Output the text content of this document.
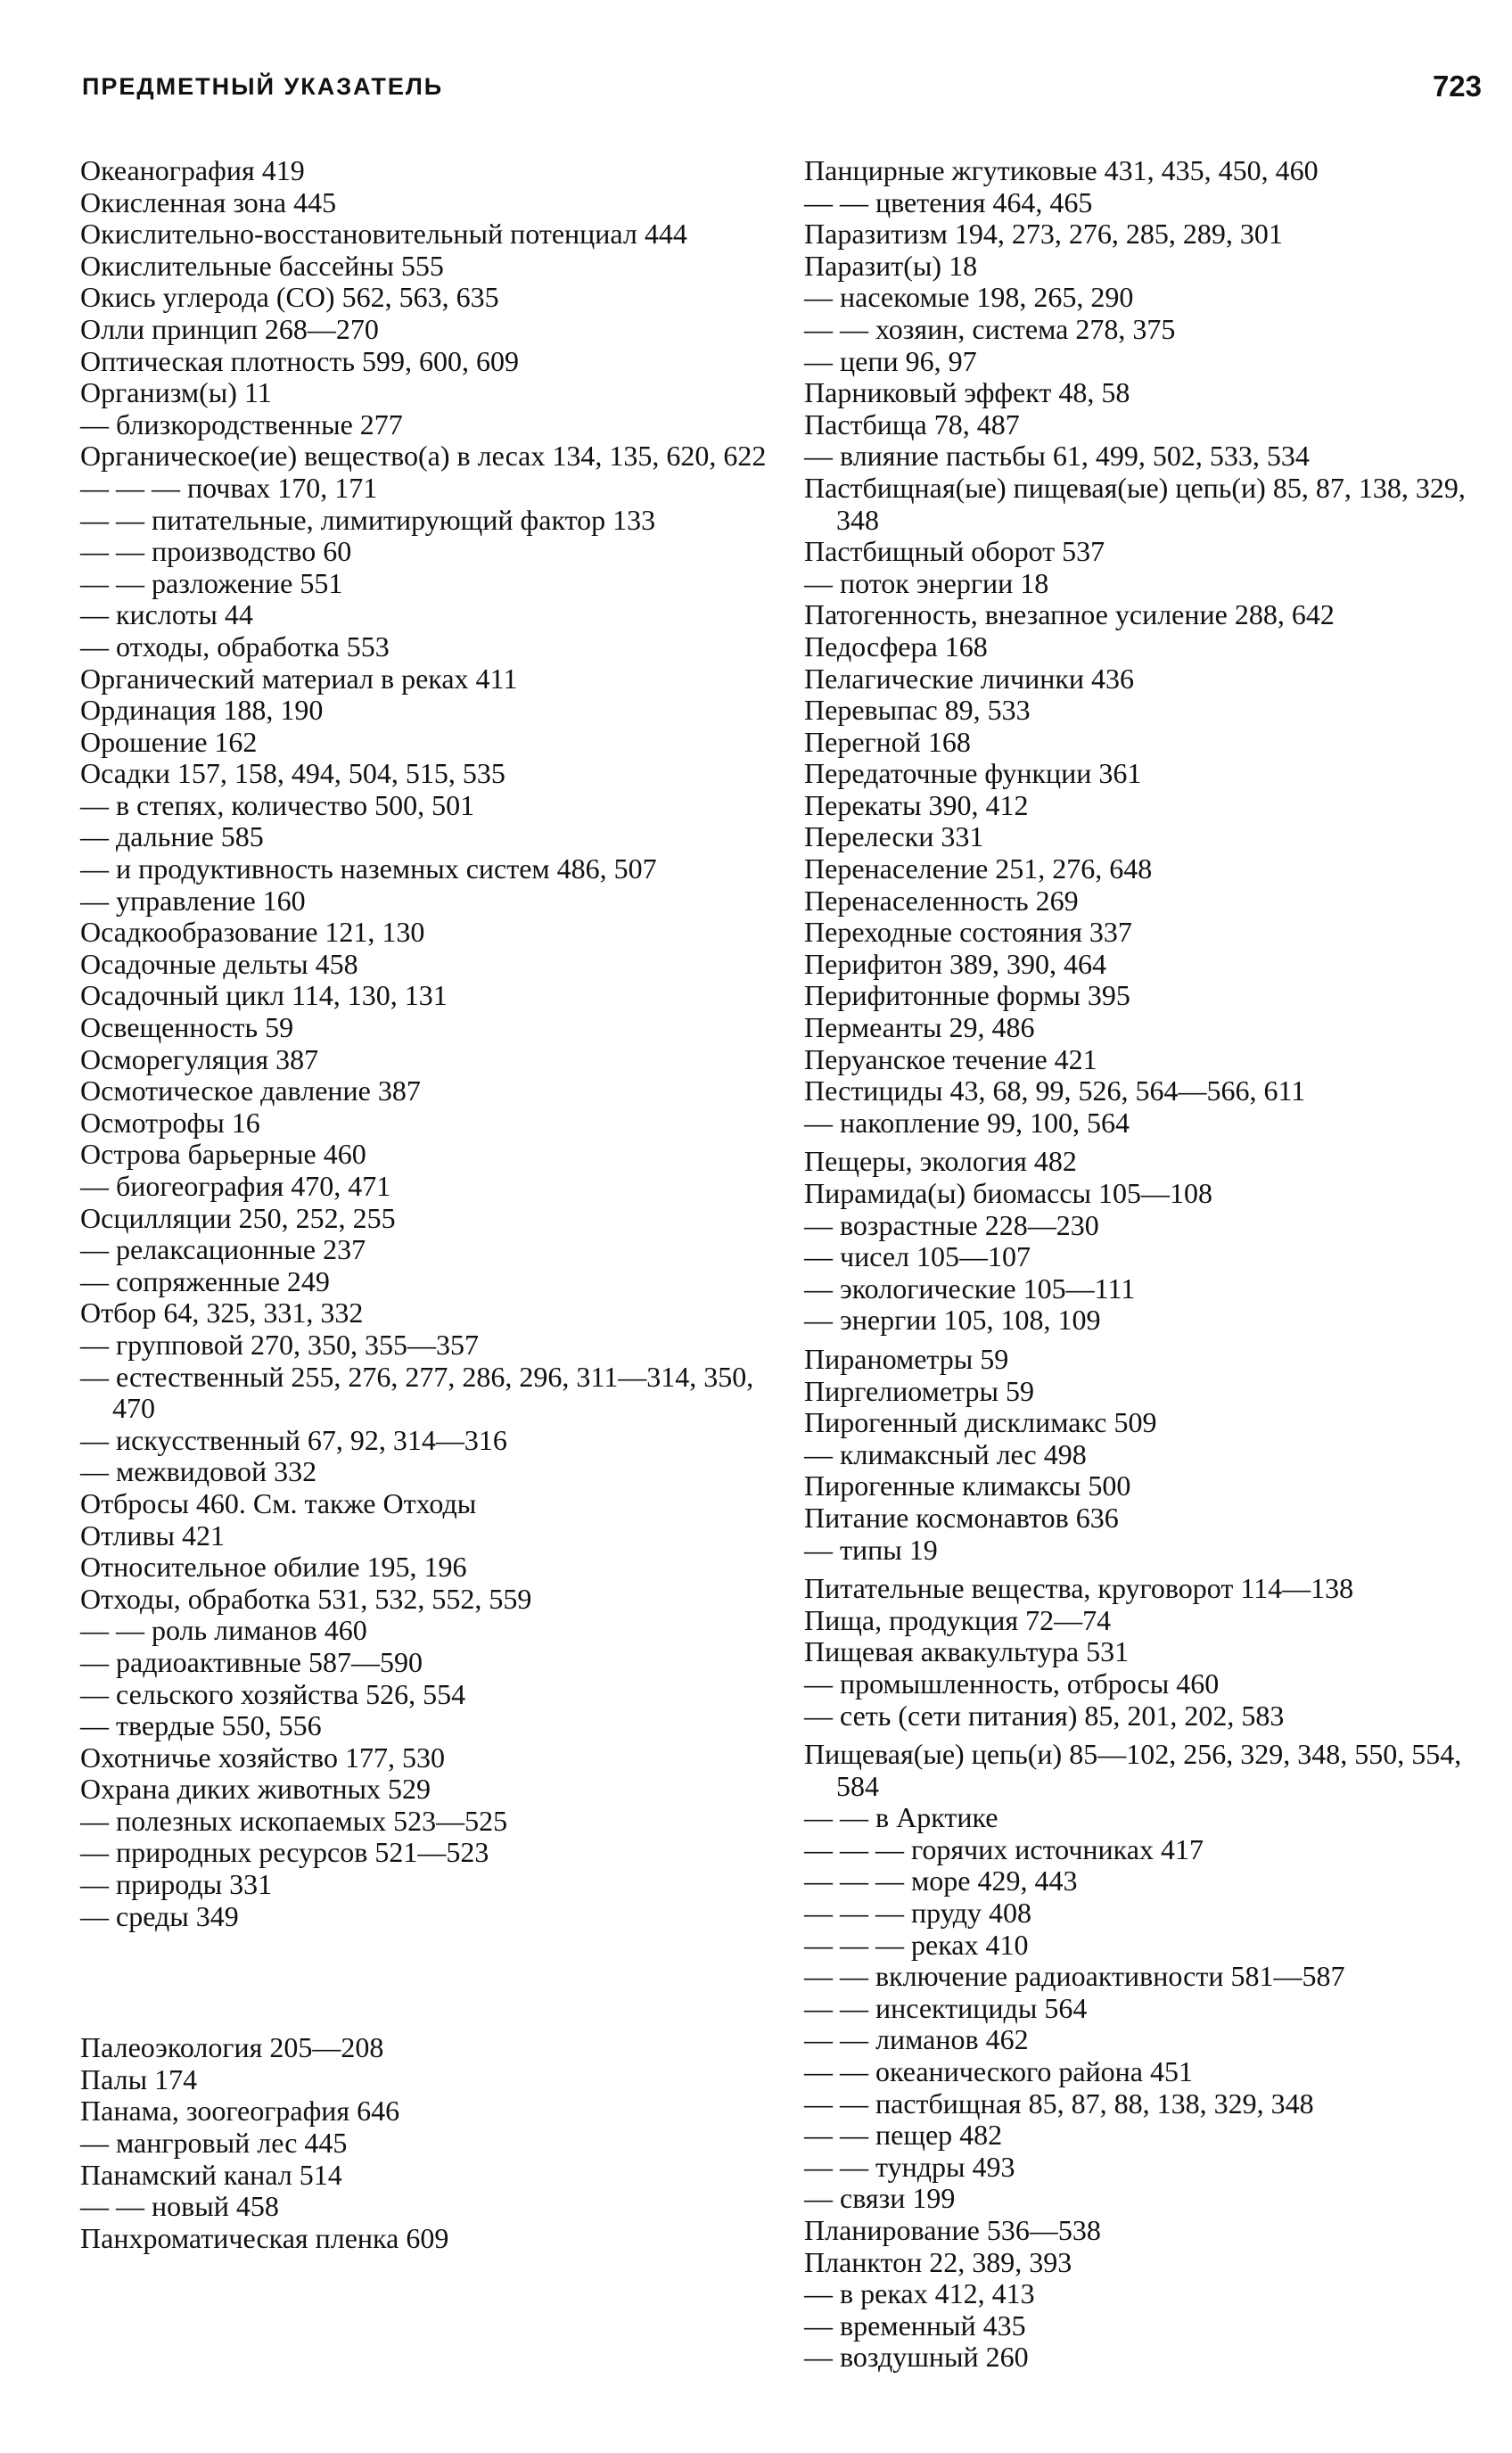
ПРЕДМЕТНЫЙ УКАЗАТЕЛЬ	723

Океанография 419

Окисленная зона 445

Окислительно-восстановительный потенциал 444

Окислительные бассейны 555

Окись углерода (CO) 562, 563, 635

Олли принцип 268—270

Оптическая плотность 599, 600, 609

Организм(ы) 11

— близкородственные 277

Органическое(ие) вещество(а) в лесах 134, 135, 620, 622

— — — почвах 170, 171

— — питательные, лимитирующий фактор 133

— — производство 60

— — разложение 551

— кислоты 44

— отходы, обработка 553

Органический материал в реках 411

Ординация 188, 190

Орошение 162

Осадки 157, 158, 494, 504, 515, 535

— в степях, количество 500, 501

— дальние 585

— и продуктивность наземных систем 486, 507

— управление 160

Осадкообразование 121, 130

Осадочные дельты 458

Осадочный цикл 114, 130, 131

Освещенность 59

Осморегуляция 387

Осмотическое давление 387

Осмотрофы 16

Острова барьерные 460

— биогеография 470, 471

Осцилляции 250, 252, 255

— релаксационные 237

— сопряженные 249

Отбор 64, 325, 331, 332

— групповой 270, 350, 355—357

— естественный 255, 276, 277, 286, 296, 311—314, 350, 470

— искусственный 67, 92, 314—316

— межвидовой 332

Отбросы 460. См. также Отходы

Отливы 421

Относительное обилие 195, 196

Отходы, обработка 531, 532, 552, 559

— — роль лиманов 460

— радиоактивные 587—590

— сельского хозяйства 526, 554

— твердые 550, 556

Охотничье хозяйство 177, 530

Охрана диких животных 529

— полезных ископаемых 523—525

— природных ресурсов 521—523

— природы 331

— среды 349

Палеоэкология 205—208

Палы 174

Панама, зоогеография 646

— мангровый лес 445

Панамский канал 514

— — новый 458

Панхроматическая пленка 609

Панцирные жгутиковые 431, 435, 450, 460

— — цветения 464, 465

Паразитизм 194, 273, 276, 285, 289, 301

Паразит(ы) 18

— насекомые 198, 265, 290

— — хозяин, система 278, 375

— цепи 96, 97

Парниковый эффект 48, 58

Пастбища 78, 487

— влияние пастьбы 61, 499, 502, 533, 534

Пастбищная(ые) пищевая(ые) цепь(и) 85, 87, 138, 329, 348

Пастбищный оборот 537

— поток энергии 18

Патогенность, внезапное усиление 288, 642

Педосфера 168

Пелагические личинки 436

Перевыпас 89, 533

Перегной 168

Передаточные функции 361

Перекаты 390, 412

Перелески 331

Перенаселение 251, 276, 648

Перенаселенность 269

Переходные состояния 337

Перифитон 389, 390, 464

Перифитонные формы 395

Пермеанты 29, 486

Перуанское течение 421

Пестициды 43, 68, 99, 526, 564—566, 611

— накопление 99, 100, 564

Пещеры, экология 482

Пирамида(ы) биомассы 105—108

— возрастные 228—230

— чисел 105—107

— экологические 105—111

— энергии 105, 108, 109

Пиранометры 59

Пиргелиометры 59

Пирогенный дисклимакс 509

— климаксный лес 498

Пирогенные климаксы 500

Питание космонавтов 636

— типы 19

Питательные вещества, круговорот 114—138

Пища, продукция 72—74

Пищевая аквакультура 531

— промышленность, отбросы 460

— сеть (сети питания) 85, 201, 202, 583

Пищевая(ые) цепь(и) 85—102, 256, 329, 348, 550, 554, 584

— — в Арктике

— — — горячих источниках 417

— — — море 429, 443

— — — пруду 408

— — — реках 410

— — включение радиоактивности 581—587

— — инсектициды 564

— — лиманов 462

— — океанического района 451

— — пастбищная 85, 87, 88, 138, 329, 348

— — пещер 482

— — тундры 493

— связи 199

Планирование 536—538

Планктон 22, 389, 393

— в реках 412, 413

— временный 435

— воздушный 260
